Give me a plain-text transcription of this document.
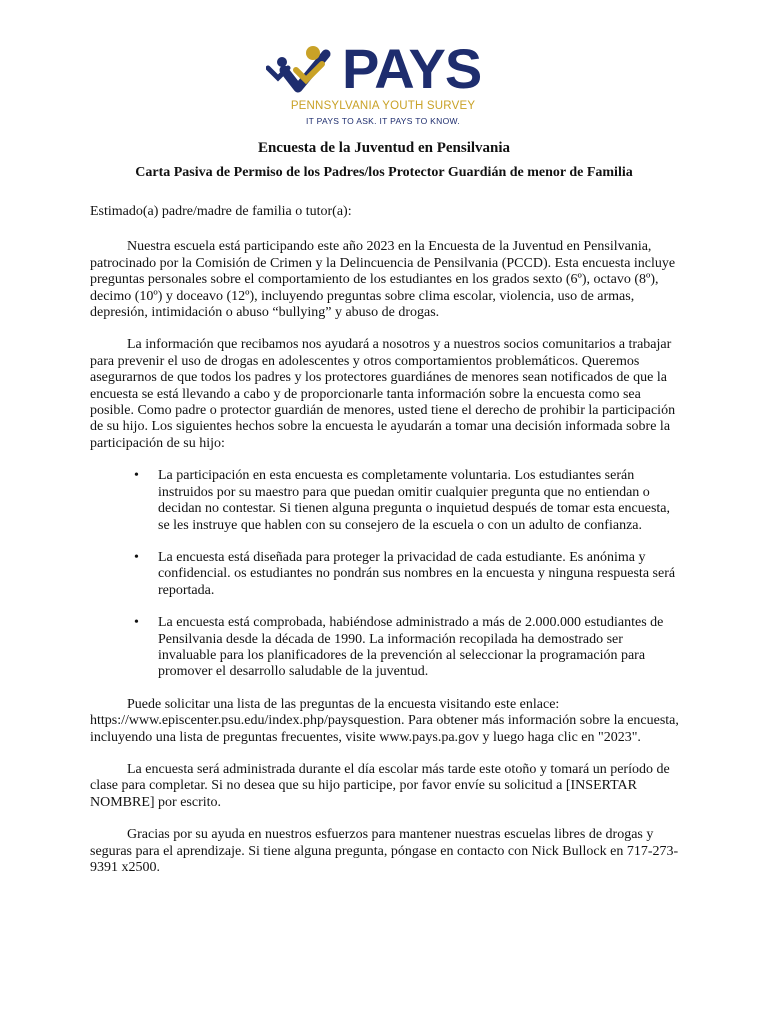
PAYS
PENNSYLVANIA YOUTH SURVEY
IT PAYS TO ASK. IT PAYS TO KNOW.
Encuesta de la Juventud en Pensilvania
Carta Pasiva de Permiso de los Padres/los Protector Guardián de menor de Familia

Estimado(a) padre/madre de familia o tutor(a):

Nuestra escuela está participando este año 2023 en la Encuesta de la Juventud en Pensilvania, patrocinado por la Comisión de Crimen y la Delincuencia de Pensilvania (PCCD). Esta encuesta incluye preguntas personales sobre el comportamiento de los estudiantes en los grados sexto (6º), octavo (8º), decimo (10º) y doceavo (12º), incluyendo preguntas sobre clima escolar, violencia, uso de armas, depresión, intimidación o abuso “bullying” y abuso de drogas.

La información que recibamos nos ayudará a nosotros y a nuestros socios comunitarios a trabajar para prevenir el uso de drogas en adolescentes y otros comportamientos problemáticos. Queremos asegurarnos de que todos los padres y los protectores guardiánes de menores sean notificados de que la encuesta se está llevando a cabo y de proporcionarle tanta información sobre la encuesta como sea posible. Como padre o protector guardián de menores, usted tiene el derecho de prohibir la participación de su hijo. Los siguientes hechos sobre la encuesta le ayudarán a tomar una decisión informada sobre la participación de su hijo:

• La participación en esta encuesta es completamente voluntaria. Los estudiantes serán instruidos por su maestro para que puedan omitir cualquier pregunta que no entiendan o decidan no contestar. Si tienen alguna pregunta o inquietud después de tomar esta encuesta, se les instruye que hablen con su consejero de la escuela o con un adulto de confianza.
• La encuesta está diseñada para proteger la privacidad de cada estudiante. Es anónima y confidencial. os estudiantes no pondrán sus nombres en la encuesta y ninguna respuesta será reportada.
• La encuesta está comprobada, habiéndose administrado a más de 2.000.000 estudiantes de Pensilvania desde la década de 1990. La información recopilada ha demostrado ser invaluable para los planificadores de la prevención al seleccionar la programación para promover el desarrollo saludable de la juventud.

Puede solicitar una lista de las preguntas de la encuesta visitando este enlace: https://www.episcenter.psu.edu/index.php/paysquestion. Para obtener más información sobre la encuesta, incluyendo una lista de preguntas frecuentes, visite www.pays.pa.gov y luego haga clic en "2023".

La encuesta será administrada durante el día escolar más tarde este otoño y tomará un período de clase para completar. Si no desea que su hijo participe, por favor envíe su solicitud a [INSERTAR NOMBRE] por escrito.

Gracias por su ayuda en nuestros esfuerzos para mantener nuestras escuelas libres de drogas y seguras para el aprendizaje. Si tiene alguna pregunta, póngase en contacto con Nick Bullock en 717-273-9391 x2500.
